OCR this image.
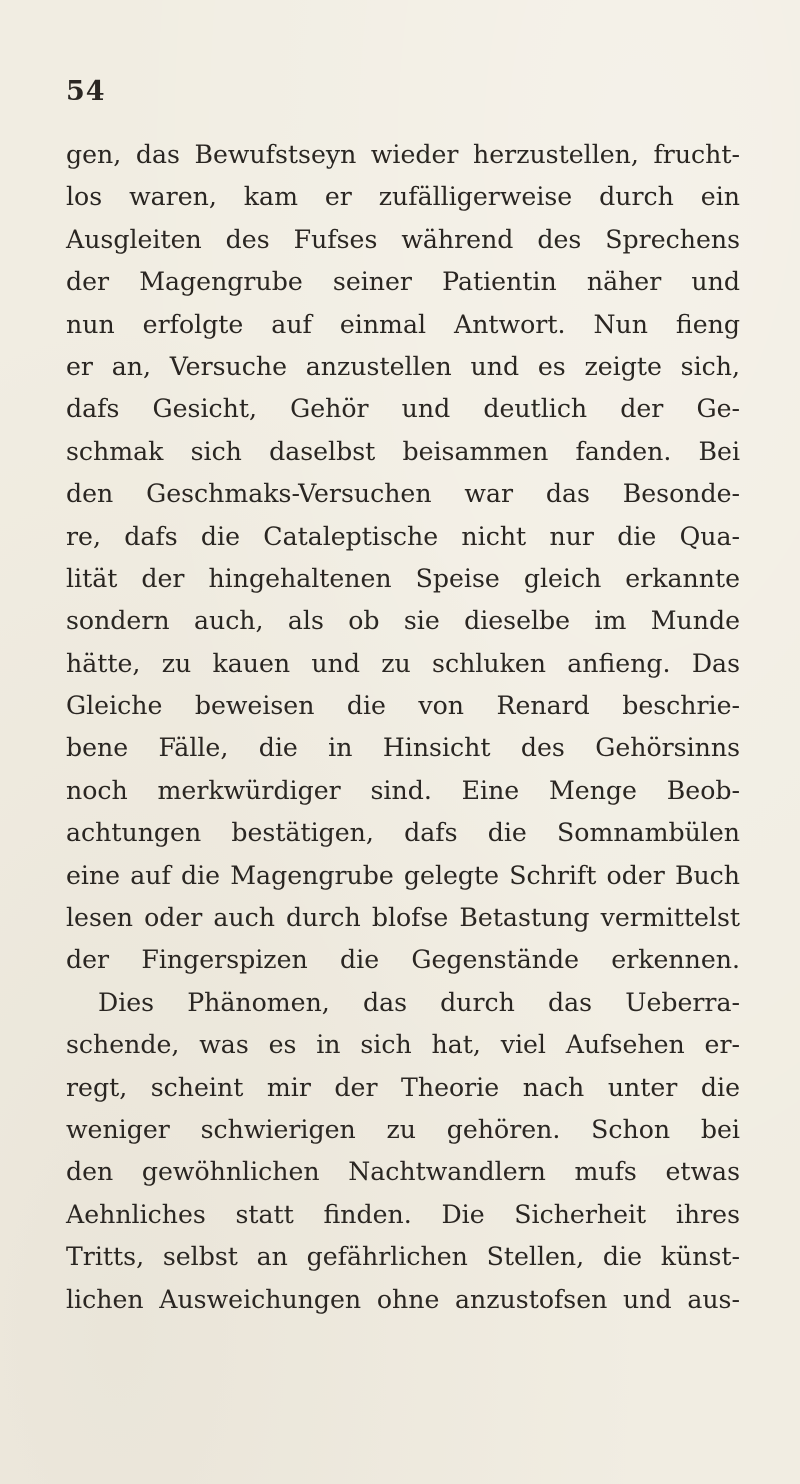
54
gen, das Bewufstseyn wieder herzustellen, frucht-
los waren, kam er zufälligerweise durch ein
Ausgleiten des Fufses während des Sprechens
der Magengrube seiner Patientin näher und
nun erfolgte auf einmal Antwort. Nun fieng
er an, Versuche anzustellen und es zeigte sich,
dafs Gesicht, Gehör und deutlich der Ge-
schmak sich daselbst beisammen fanden. Bei
den Geschmaks-Versuchen war das Besonde-
re, dafs die Cataleptische nicht nur die Qua-
lität der hingehaltenen Speise gleich erkannte
sondern auch, als ob sie dieselbe im Munde
hätte, zu kauen und zu schluken anfieng. Das
Gleiche beweisen die von Renard beschrie-
bene Fälle, die in Hinsicht des Gehörsinns
noch merkwürdiger sind. Eine Menge Beob-
achtungen bestätigen, dafs die Somnambülen
eine auf die Magengrube gelegte Schrift oder Buch
lesen oder auch durch blofse Betastung vermittelst
der Fingerspizen die Gegenstände erkennen.
Dies Phänomen, das durch das Ueberra-
schende, was es in sich hat, viel Aufsehen er-
regt, scheint mir der Theorie nach unter die
weniger schwierigen zu gehören. Schon bei
den gewöhnlichen Nachtwandlern mufs etwas
Aehnliches statt finden. Die Sicherheit ihres
Tritts, selbst an gefährlichen Stellen, die künst-
lichen Ausweichungen ohne anzustofsen und aus-
